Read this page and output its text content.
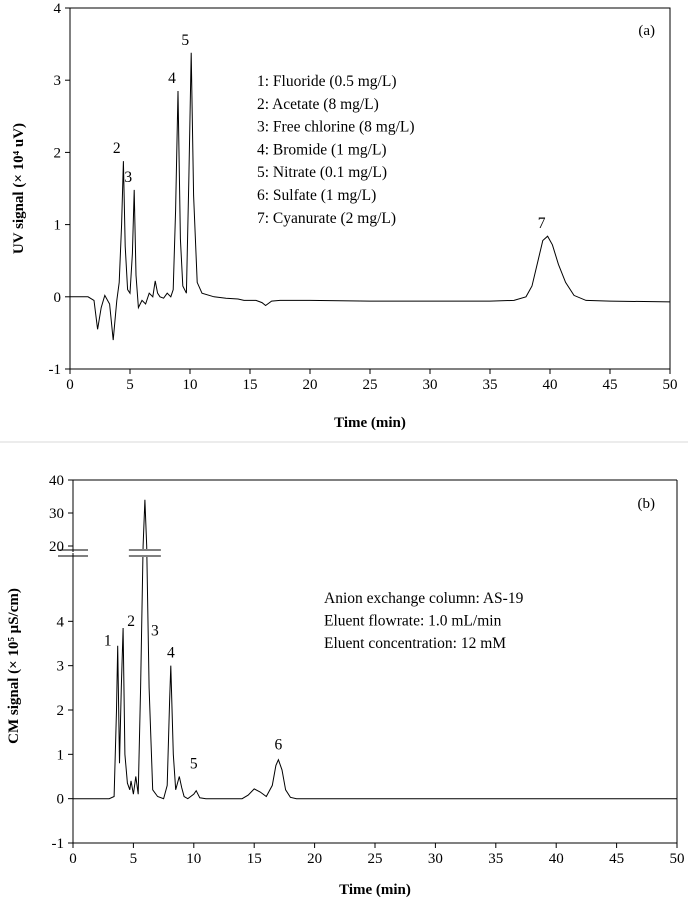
0	5	10	15	20	25	30	35	40	45	50
-1
0
1
2
3
4
2
3
4
5
7
(a)
1: Fluoride (0.5 mg/L)
2: Acetate (8 mg/L)
3: Free chlorine (8 mg/L)
4: Bromide (1 mg/L)
5: Nitrate (0.1 mg/L)
6: Sulfate (1 mg/L)
7: Cyanurate (2 mg/L)
Time (min)
UV signal (× 10⁴ uV)
0	5	10	15	20	25	30	35	40	45	50
-1
0
1
2
3
4
20
30
40
1
2
3
4
5
6
(b)
Anion exchange column: AS-19
Eluent flowrate: 1.0 mL/min
Eluent concentration: 12 mM
Time (min)
CM signal (× 10⁵ μS/cm)
